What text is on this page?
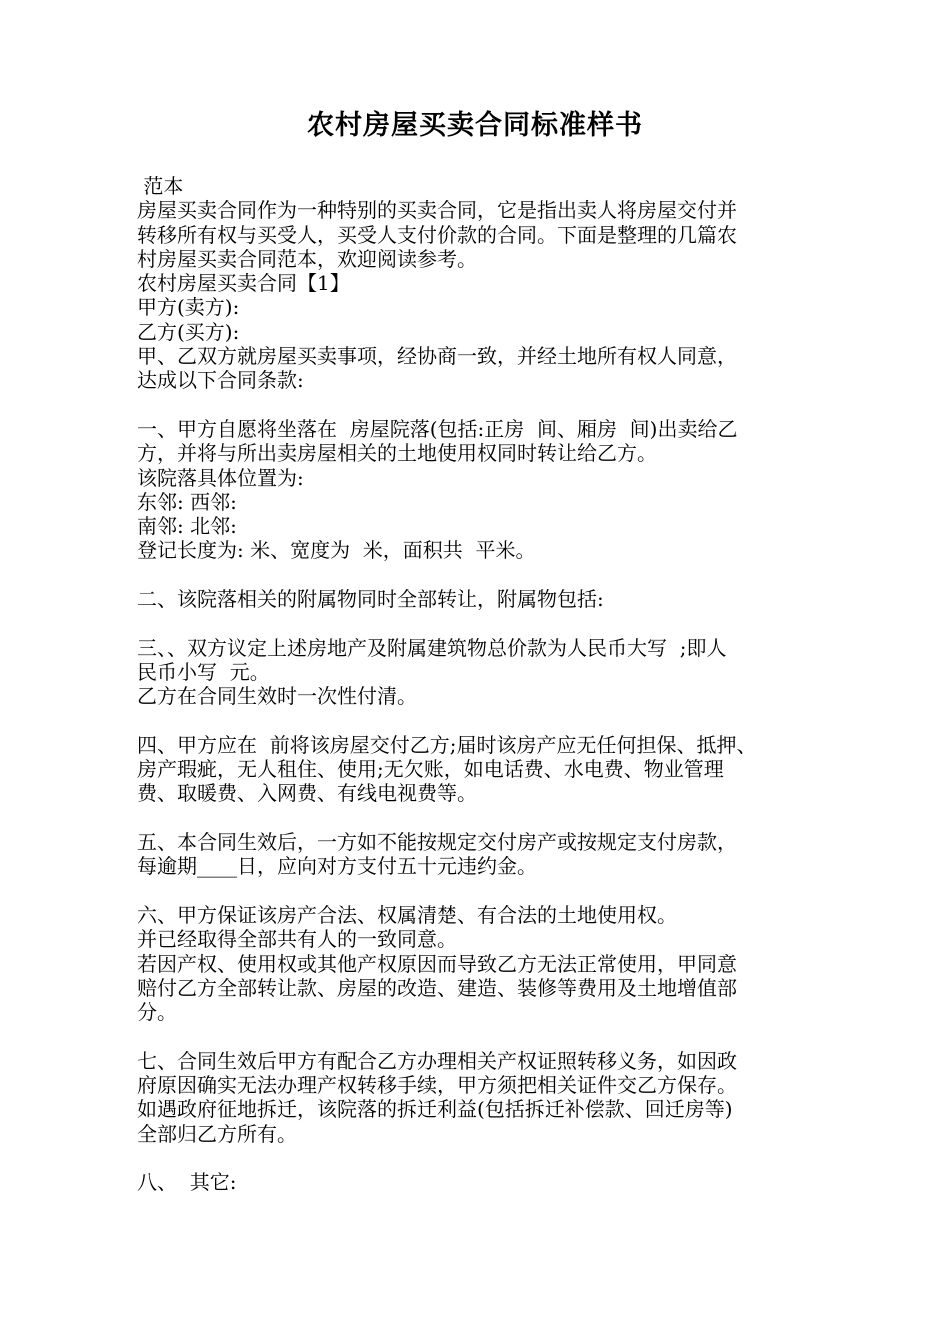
农村房屋买卖合同标准样书
范本
房屋买卖合同作为一种特别的买卖合同，它是指出卖人将房屋交付并
转移所有权与买受人，买受人支付价款的合同。下面是整理的几篇农
村房屋买卖合同范本，欢迎阅读参考。
农村房屋买卖合同【1】
甲方(卖方):
乙方(买方):
甲、乙双方就房屋买卖事项，经协商一致，并经土地所有权人同意，
达成以下合同条款:
一、甲方自愿将坐落在  房屋院落(包括:正房  间、厢房  间)出卖给乙
方，并将与所出卖房屋相关的土地使用权同时转让给乙方。
该院落具体位置为:
东邻: 西邻:
南邻: 北邻:
登记长度为: 米、宽度为  米，面积共  平米。
二、该院落相关的附属物同时全部转让，附属物包括:
三、、双方议定上述房地产及附属建筑物总价款为人民币大写  ;即人
民币小写  元。
乙方在合同生效时一次性付清。
四、甲方应在  前将该房屋交付乙方;届时该房产应无任何担保、抵押、
房产瑕疵，无人租住、使用;无欠账，如电话费、水电费、物业管理
费、取暖费、入网费、有线电视费等。
五、本合同生效后，一方如不能按规定交付房产或按规定支付房款，
每逾期____日，应向对方支付五十元违约金。
六、甲方保证该房产合法、权属清楚、有合法的土地使用权。
并已经取得全部共有人的一致同意。
若因产权、使用权或其他产权原因而导致乙方无法正常使用，甲同意
赔付乙方全部转让款、房屋的改造、建造、装修等费用及土地增值部
分。
七、合同生效后甲方有配合乙方办理相关产权证照转移义务，如因政
府原因确实无法办理产权转移手续，甲方须把相关证件交乙方保存。
如遇政府征地拆迁，该院落的拆迁利益(包括拆迁补偿款、回迁房等)
全部归乙方所有。
八、  其它:
